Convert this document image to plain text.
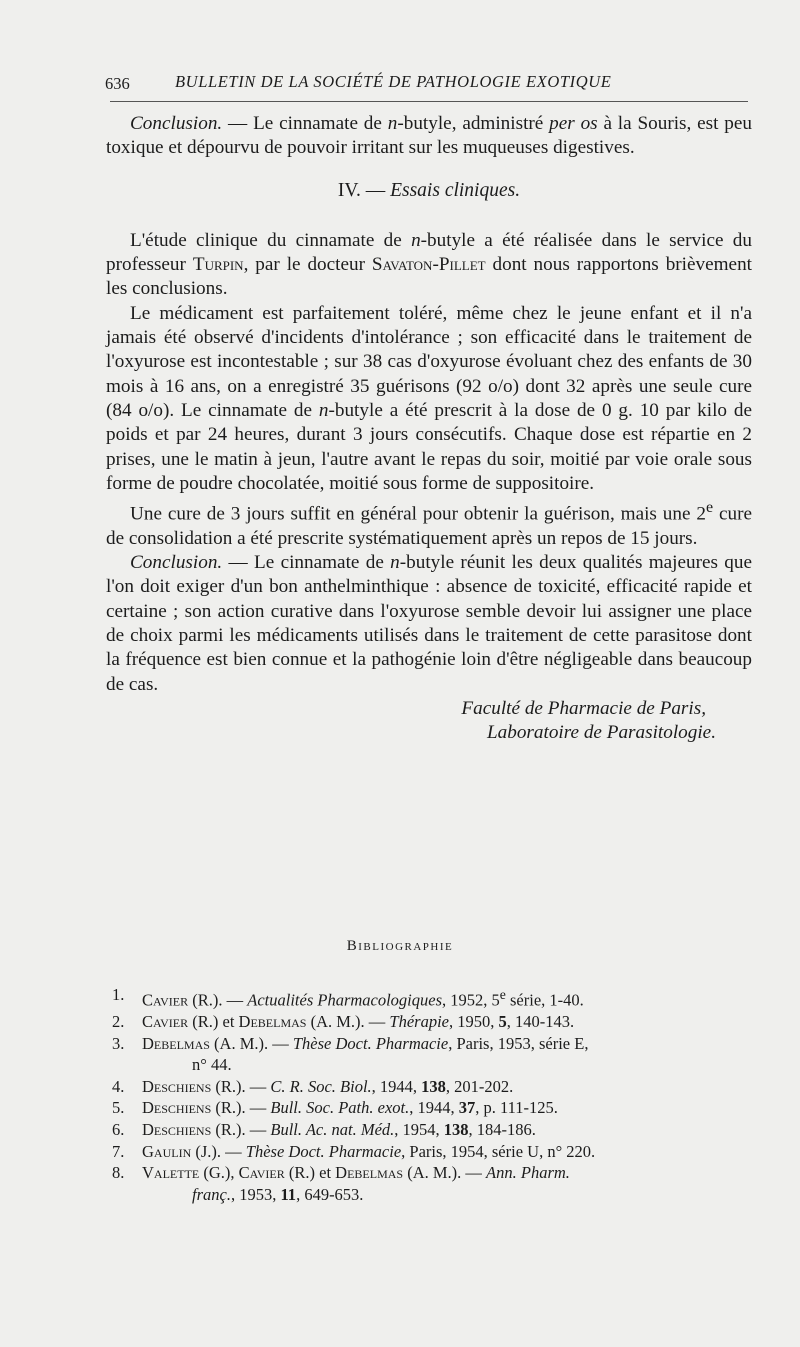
636	BULLETIN DE LA SOCIÉTÉ DE PATHOLOGIE EXOTIQUE

Conclusion. — Le cinnamate de n-butyle, administré per os à la Souris, est peu toxique et dépourvu de pouvoir irritant sur les muqueuses digestives.

IV. — Essais cliniques.

L'étude clinique du cinnamate de n-butyle a été réalisée dans le service du professeur Turpin, par le docteur Savaton-Pillet dont nous rapportons brièvement les conclusions.

Le médicament est parfaitement toléré, même chez le jeune enfant et il n'a jamais été observé d'incidents d'intolérance ; son efficacité dans le traitement de l'oxyurose est incontestable ; sur 38 cas d'oxyurose évoluant chez des enfants de 30 mois à 16 ans, on a enregistré 35 guérisons (92 o/o) dont 32 après une seule cure (84 o/o). Le cinnamate de n-butyle a été prescrit à la dose de 0 g. 10 par kilo de poids et par 24 heures, durant 3 jours consécutifs. Chaque dose est répartie en 2 prises, une le matin à jeun, l'autre avant le repas du soir, moitié par voie orale sous forme de poudre chocolatée, moitié sous forme de suppositoire.

Une cure de 3 jours suffit en général pour obtenir la guérison, mais une 2e cure de consolidation a été prescrite systématiquement après un repos de 15 jours.

Conclusion. — Le cinnamate de n-butyle réunit les deux qualités majeures que l'on doit exiger d'un bon anthelminthique : absence de toxicité, efficacité rapide et certaine ; son action curative dans l'oxyurose semble devoir lui assigner une place de choix parmi les médicaments utilisés dans le traitement de cette parasitose dont la fréquence est bien connue et la pathogénie loin d'être négligeable dans beaucoup de cas.

Faculté de Pharmacie de Paris,
Laboratoire de Parasitologie.
Bibliographie
1. Cavier (R.). — Actualités Pharmacologiques, 1952, 5e série, 1-40.
2. Cavier (R.) et Debelmas (A. M.). — Thérapie, 1950, 5, 140-143.
3. Debelmas (A. M.). — Thèse Doct. Pharmacie, Paris, 1953, série E,
n° 44.
4. Deschiens (R.). — C. R. Soc. Biol., 1944, 138, 201-202.
5. Deschiens (R.). — Bull. Soc. Path. exot., 1944, 37, p. 111-125.
6. Deschiens (R.). — Bull. Ac. nat. Méd., 1954, 138, 184-186.
7. Gaulin (J.). — Thèse Doct. Pharmacie, Paris, 1954, série U, n° 220.
8. Valette (G.), Cavier (R.) et Debelmas (A. M.). — Ann. Pharm.
franç., 1953, 11, 649-653.
